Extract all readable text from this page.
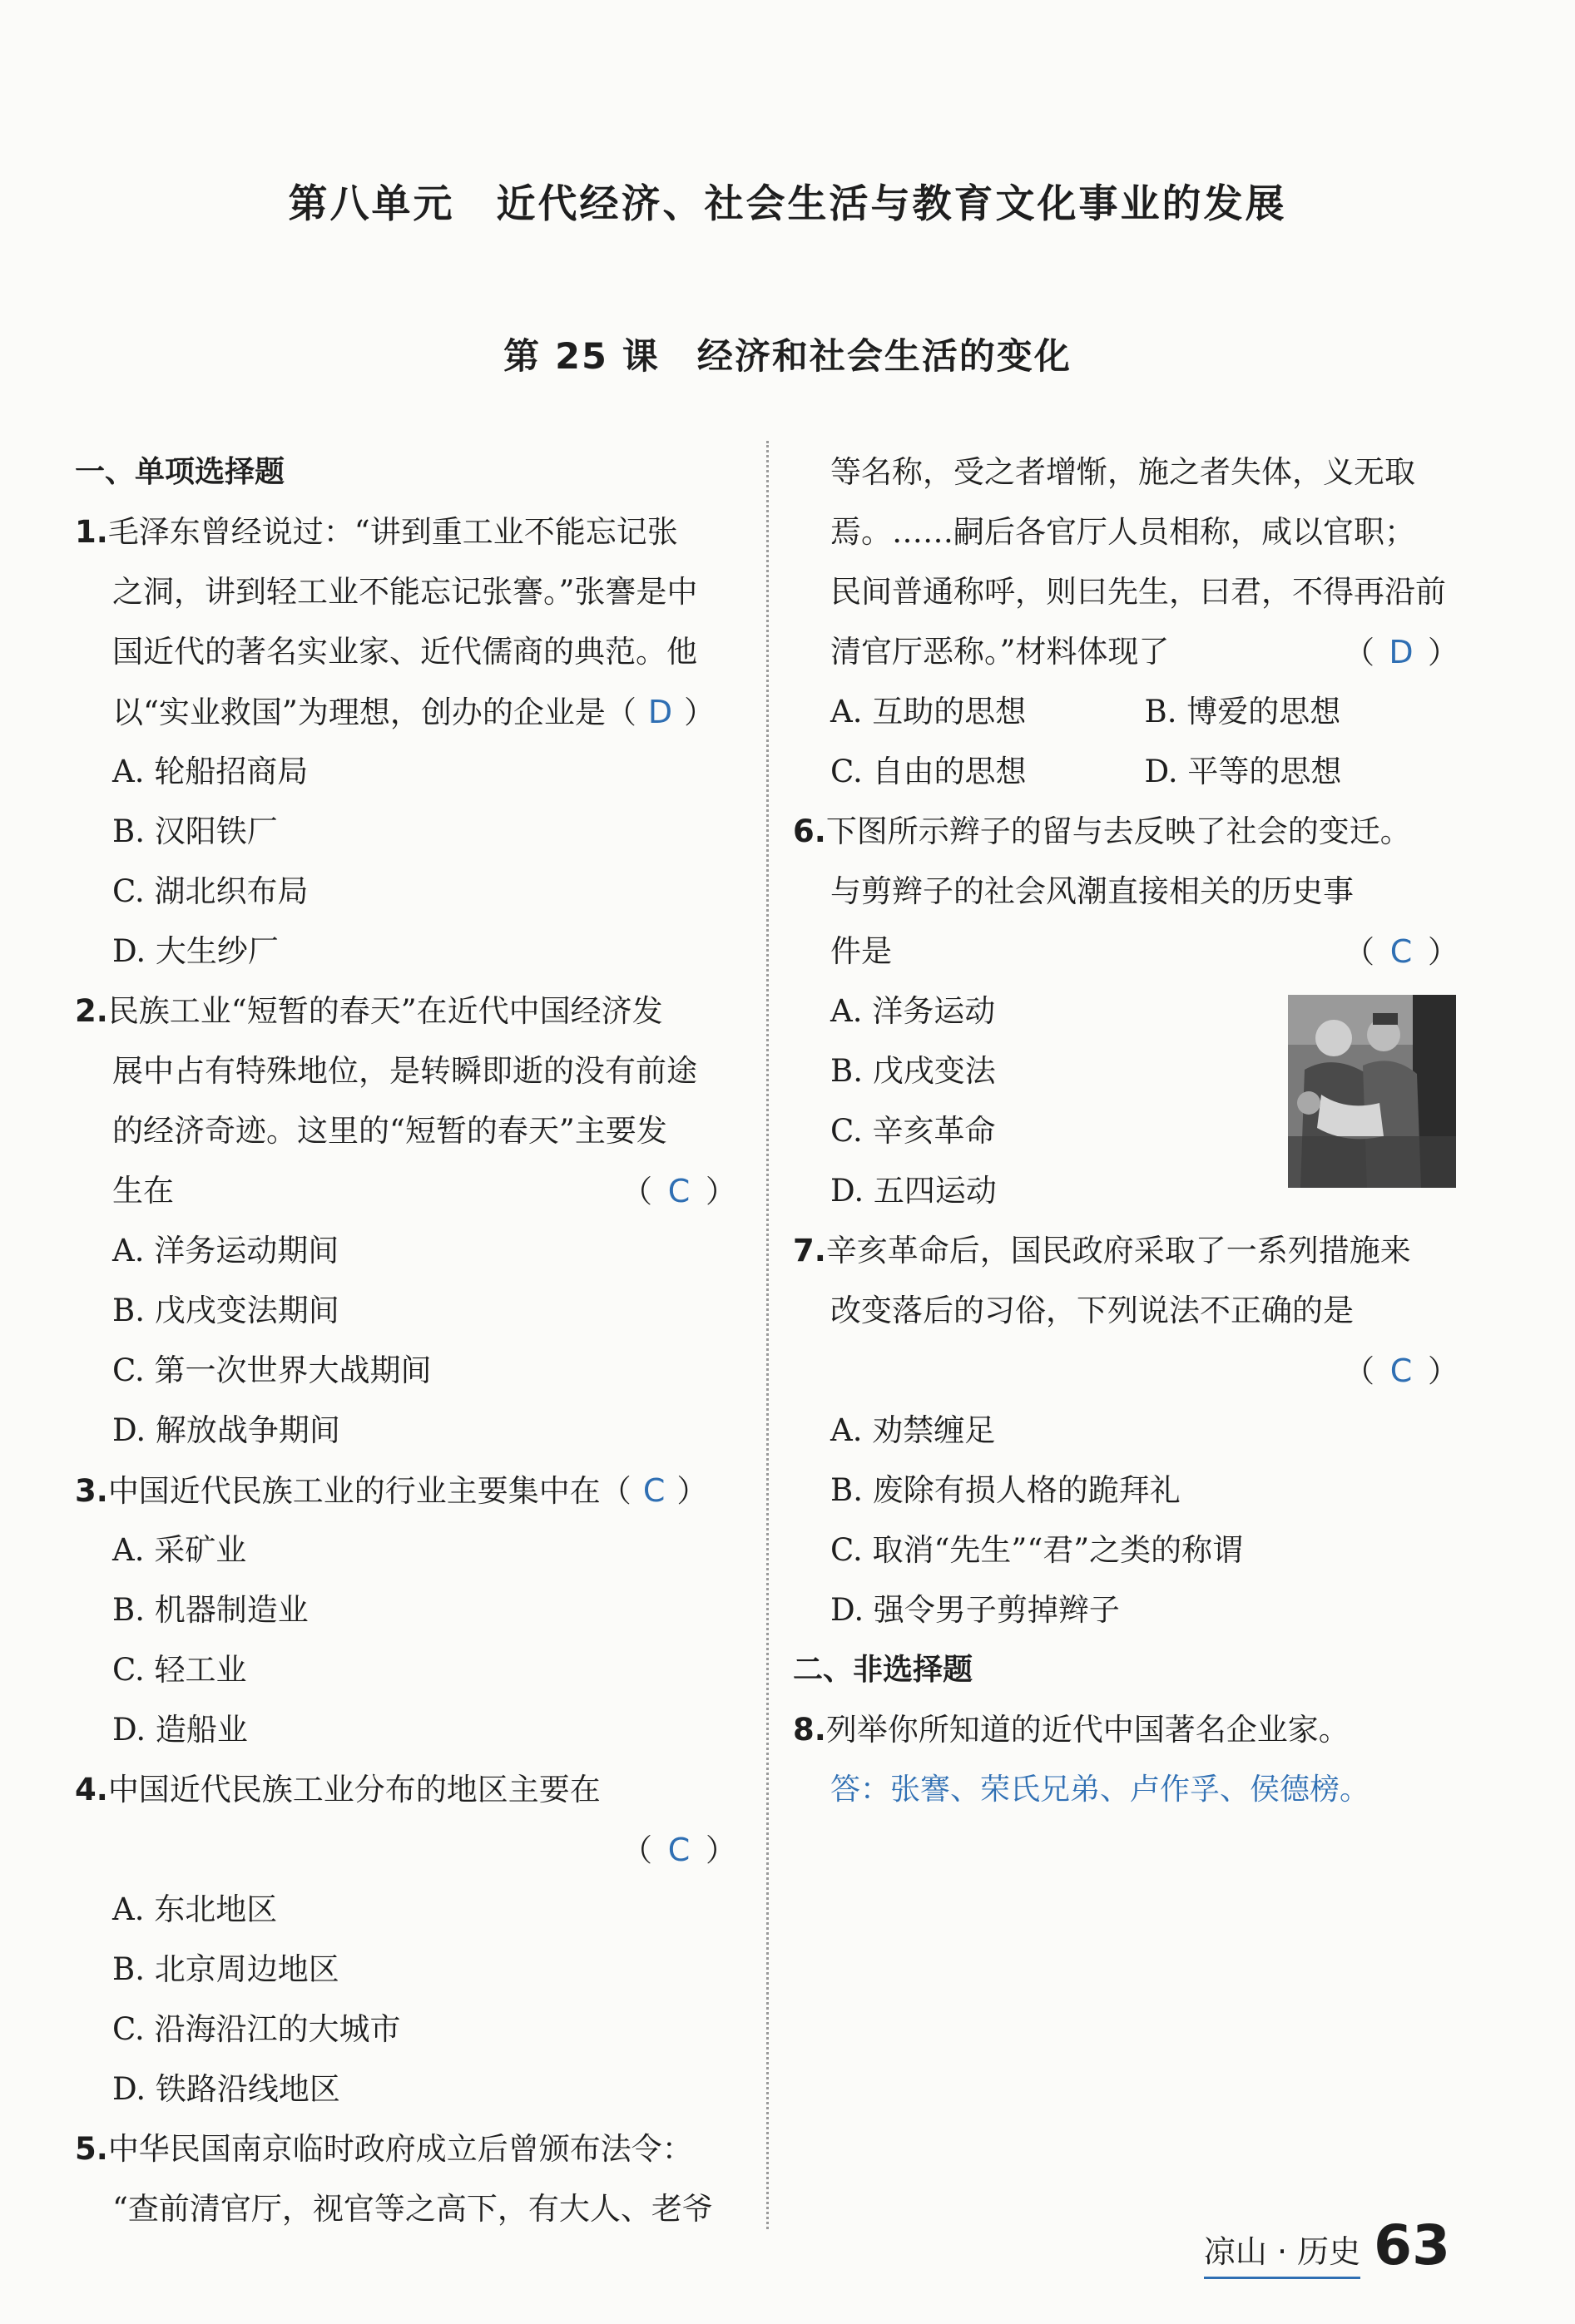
第八单元　近代经济、社会生活与教育文化事业的发展
第 25 课　经济和社会生活的变化
一、单项选择题
1.毛泽东曾经说过：“讲到重工业不能忘记张
之洞，讲到轻工业不能忘记张謇。”张謇是中
国近代的著名实业家、近代儒商的典范。他
以“实业救国”为理想，创办的企业是（ D ）
A. 轮船招商局
B. 汉阳铁厂
C. 湖北织布局
D. 大生纱厂
2.民族工业“短暂的春天”在近代中国经济发
展中占有特殊地位，是转瞬即逝的没有前途
的经济奇迹。这里的“短暂的春天”主要发
生在	（ C ）
A. 洋务运动期间
B. 戊戌变法期间
C. 第一次世界大战期间
D. 解放战争期间
3.中国近代民族工业的行业主要集中在（ C ）
A. 采矿业
B. 机器制造业
C. 轻工业
D. 造船业
4.中国近代民族工业分布的地区主要在
（ C ）
A. 东北地区
B. 北京周边地区
C. 沿海沿江的大城市
D. 铁路沿线地区
5.中华民国南京临时政府成立后曾颁布法令：
“查前清官厅，视官等之高下，有大人、老爷
等名称，受之者增惭，施之者失体，义无取
焉。……嗣后各官厅人员相称，咸以官职；
民间普通称呼，则曰先生，曰君，不得再沿前
清官厅恶称。”材料体现了	（ D ）
A. 互助的思想	B. 博爱的思想
C. 自由的思想	D. 平等的思想
6.下图所示辫子的留与去反映了社会的变迁。
与剪辫子的社会风潮直接相关的历史事
件是	（ C ）
A. 洋务运动
B. 戊戌变法
C. 辛亥革命
D. 五四运动
7.辛亥革命后，国民政府采取了一系列措施来
改变落后的习俗，下列说法不正确的是
（ C ）
A. 劝禁缠足
B. 废除有损人格的跪拜礼
C. 取消“先生”“君”之类的称谓
D. 强令男子剪掉辫子
二、非选择题
8.列举你所知道的近代中国著名企业家。
答：张謇、荣氏兄弟、卢作孚、侯德榜。
凉山 · 历史 63
